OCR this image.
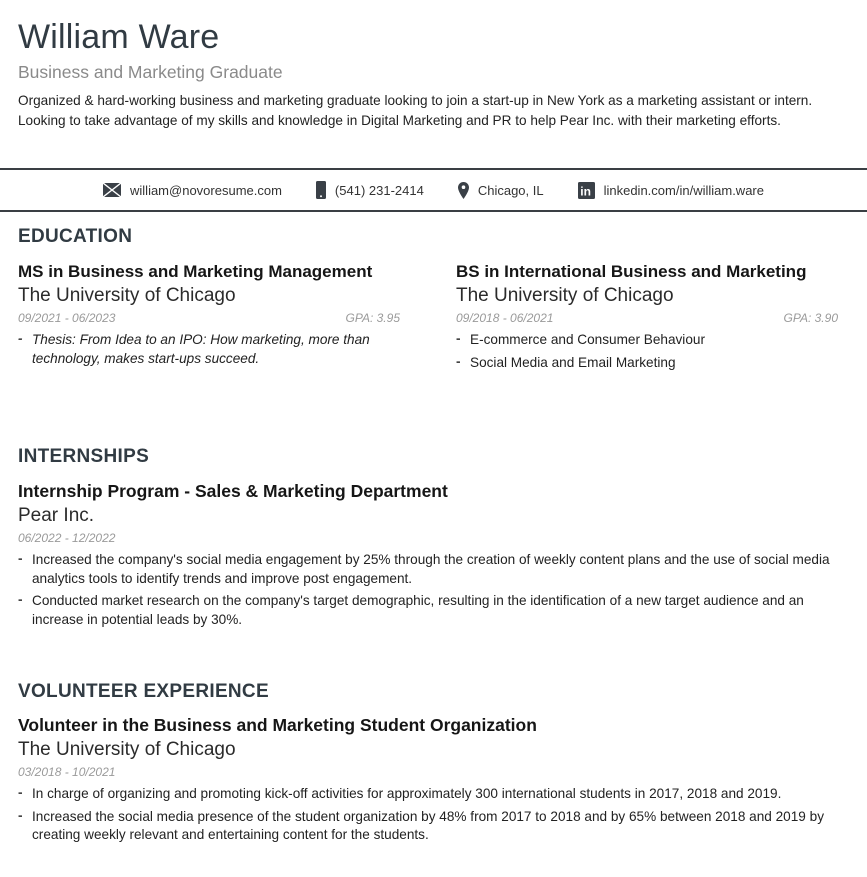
William Ware
Business and Marketing Graduate
Organized & hard-working business and marketing graduate looking to join a start-up in New York as a marketing assistant or intern. Looking to take advantage of my skills and knowledge in Digital Marketing and PR to help Pear Inc. with their marketing efforts.
william@novoresume.com	(541) 231-2414	Chicago, IL	in linkedin.com/in/william.ware
EDUCATION
MS in Business and Marketing Management
The University of Chicago
09/2021 - 06/2023	GPA: 3.95
- Thesis: From Idea to an IPO: How marketing, more than technology, makes start-ups succeed.
BS in International Business and Marketing
The University of Chicago
09/2018 - 06/2021	GPA: 3.90
- E-commerce and Consumer Behaviour
- Social Media and Email Marketing
INTERNSHIPS
Internship Program - Sales & Marketing Department
Pear Inc.
06/2022 - 12/2022
- Increased the company's social media engagement by 25% through the creation of weekly content plans and the use of social media analytics tools to identify trends and improve post engagement.
- Conducted market research on the company's target demographic, resulting in the identification of a new target audience and an increase in potential leads by 30%.
VOLUNTEER EXPERIENCE
Volunteer in the Business and Marketing Student Organization
The University of Chicago
03/2018 - 10/2021
- In charge of organizing and promoting kick-off activities for approximately 300 international students in 2017, 2018 and 2019.
- Increased the social media presence of the student organization by 48% from 2017 to 2018 and by 65% between 2018 and 2019 by creating weekly relevant and entertaining content for the students.
